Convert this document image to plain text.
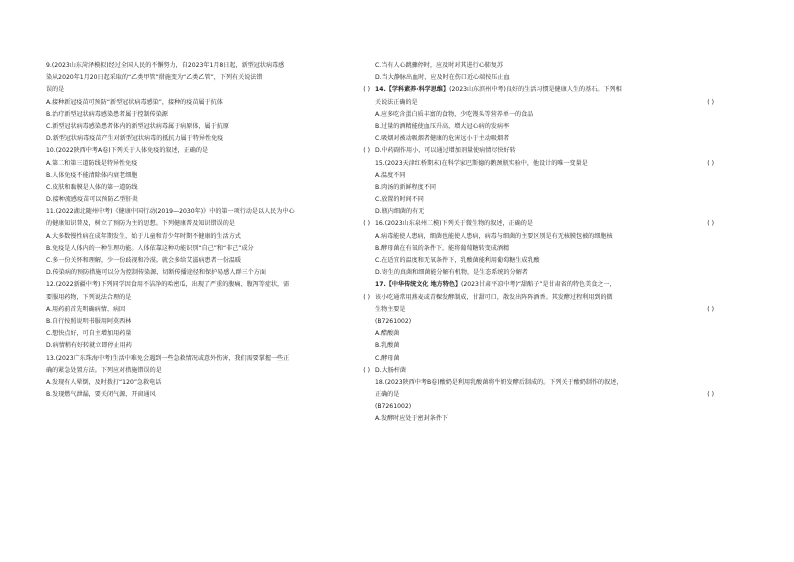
9.(2023山东菏泽模拟)经过全国人民的不懈努力，自2023年1月8日起，新型冠状病毒感
染从2020年1月20日起采取的“乙类甲管”措施变为“乙类乙管”，下列有关说法错
误的是	( )
A.接种新冠疫苗可预防“新型冠状病毒感染”，接种的疫苗属于抗体
B.治疗新型冠状病毒感染患者属于控制传染源
C.新型冠状病毒感染患者体内的新型冠状病毒属于病原体，属于抗原
D.新型冠状病毒疫苗产生对新型冠状病毒的抵抗力属于特异性免疫
10.(2022陕西中考A卷)下列关于人体免疫的叙述，正确的是	( )
A.第二和第三道防线是特异性免疫
B.人体免疫不能清除体内衰老细胞
C.皮肤和黏膜是人体的第一道防线
D.接种流感疫苗可以预防乙型肝炎
11.(2022湖北随州中考)《健康中国行动(2019—2030年)》中的第一项行动是以人民为中心
的健康知识普及，树立了预防为主的思想。下列健康普及知识错误的是	( )
A.大多数慢性病在成年期发生，始于儿童和青少年时期不健康的生活方式
B.免疫是人体内的一种生理功能。人体依靠这种功能识别“自己”和“非己”成分
C.多一份关怀和理解，少一份歧视和冷漠。就会多给艾滋病患者一份温暖
D.传染病的预防措施可以分为控制传染源、切断传播途径和保护易感人群三个方面
12.(2022新疆中考)下列同学因食用不洁净的哈密瓜，出现了严重的腹痛、腹泻等症状，需
要服用药物，下列说法合理的是	( )
A.用药前首先明确病情、病因
B.自行按照说明书服用阿莫西林
C.想快点好，可自主增加用药量
D.病情稍有好转就立即停止用药
13.(2023广东珠海中考)生活中难免会遇到一些急救情况或意外伤害，我们需要掌握一些正
确的紧急处置方法。下列应对措施错误的是	( )
A.发现有人晕倒，及时拨打“120”急救电话
B.发现燃气泄漏，要关闭气源、开窗通风
C.当有人心跳骤停时，应及时对其进行心肺复苏
D.当大静脉出血时，应及时在伤口近心端按压止血
14.【学科素养·科学思维】(2023山东滨州中考)良好的生活习惯是健康人生的基石。下列相
关说法正确的是	( )
A.应多吃含蛋白质丰富的食物，少吃馒头等营养单一的食品
B.过量的酒精能使血压升高，增大冠心病的发病率
C.吸烟对被动吸烟者健康的危害远小于主动吸烟者
D.中药副作用小，可以通过增加剂量使病情尽快好转
15.(2023天津红桥期末)在科学家巴斯德的鹅颈瓶实验中，他设计的唯一变量是	( )
A.温度不同
B.肉汤的新鲜程度不同
C.放置的时间不同
D.瓶内细菌的有无
16.(2023山东泉州二模)下列关于微生物的叙述，正确的是	( )
A.病毒能使人患病，细菌也能使人患病，病毒与细菌的主要区别是有无核膜包被的细胞核
B.酵母菌在有氧的条件下，能将葡萄糖转变成酒精
C.在适宜的温度和无氧条件下，乳酸菌能利用葡萄糖生成乳酸
D.寄生的真菌和细菌能分解有机物，是生态系统的分解者
17.【中华传统文化 地方特色】(2023甘肃平凉中考)“甜醅子”是甘肃省的特色美食之一，
该小吃通常用燕麦或青稞发酵制成，甘甜可口，散发出阵阵酒香。其发酵过程利用到的微
生物主要是	( )
(B7261002)
A.醋酸菌
B.乳酸菌
C.酵母菌
D.大肠杆菌
18.(2023陕西中考B卷)酸奶是利用乳酸菌将牛奶发酵后制成的。下列关于酸奶制作的叙述，
正确的是	( )
(B7261002)
A.发酵时应处于密封条件下
